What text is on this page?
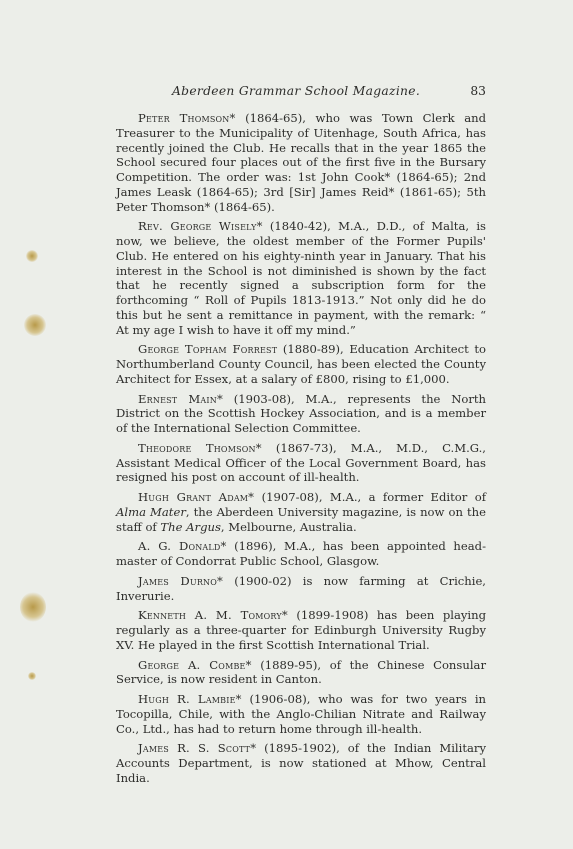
Aberdeen Grammar School Magazine.	83

Peter Thomson* (1864-65), who was Town Clerk and Treasurer to the Municipality of Uitenhage, South Africa, has recently joined the Club. He recalls that in the year 1865 the School secured four places out of the first five in the Bursary Competition. The order was: 1st John Cook* (1864-65); 2nd James Leask (1864-65); 3rd [Sir] James Reid* (1861-65); 5th Peter Thomson* (1864-65).

Rev. George Wisely* (1840-42), M.A., D.D., of Malta, is now, we believe, the oldest member of the Former Pupils' Club. He entered on his eighty-ninth year in January. That his interest in the School is not diminished is shown by the fact that he recently signed a subscription form for the forthcoming “ Roll of Pupils 1813-1913.” Not only did he do this but he sent a remittance in payment, with the remark: “ At my age I wish to have it off my mind.”

George Topham Forrest (1880-89), Education Architect to Northumberland County Council, has been elected the County Architect for Essex, at a salary of £800, rising to £1,000.

Ernest Main* (1903-08), M.A., represents the North District on the Scottish Hockey Association, and is a member of the International Selection Committee.

Theodore Thomson* (1867-73), M.A., M.D., C.M.G., Assistant Medical Officer of the Local Government Board, has resigned his post on account of ill-health.

Hugh Grant Adam* (1907-08), M.A., a former Editor of Alma Mater, the Aberdeen University magazine, is now on the staff of The Argus, Melbourne, Australia.

A. G. Donald* (1896), M.A., has been appointed head-master of Condorrat Public School, Glasgow.

James Durno* (1900-02) is now farming at Crichie, Inverurie.

Kenneth A. M. Tomory* (1899-1908) has been playing regularly as a three-quarter for Edinburgh University Rugby XV. He played in the first Scottish International Trial.

George A. Combe* (1889-95), of the Chinese Consular Service, is now resident in Canton.

Hugh R. Lambie* (1906-08), who was for two years in Tocopilla, Chile, with the Anglo-Chilian Nitrate and Railway Co., Ltd., has had to return home through ill-health.

James R. S. Scott* (1895-1902), of the Indian Military Accounts Department, is now stationed at Mhow, Central India.
